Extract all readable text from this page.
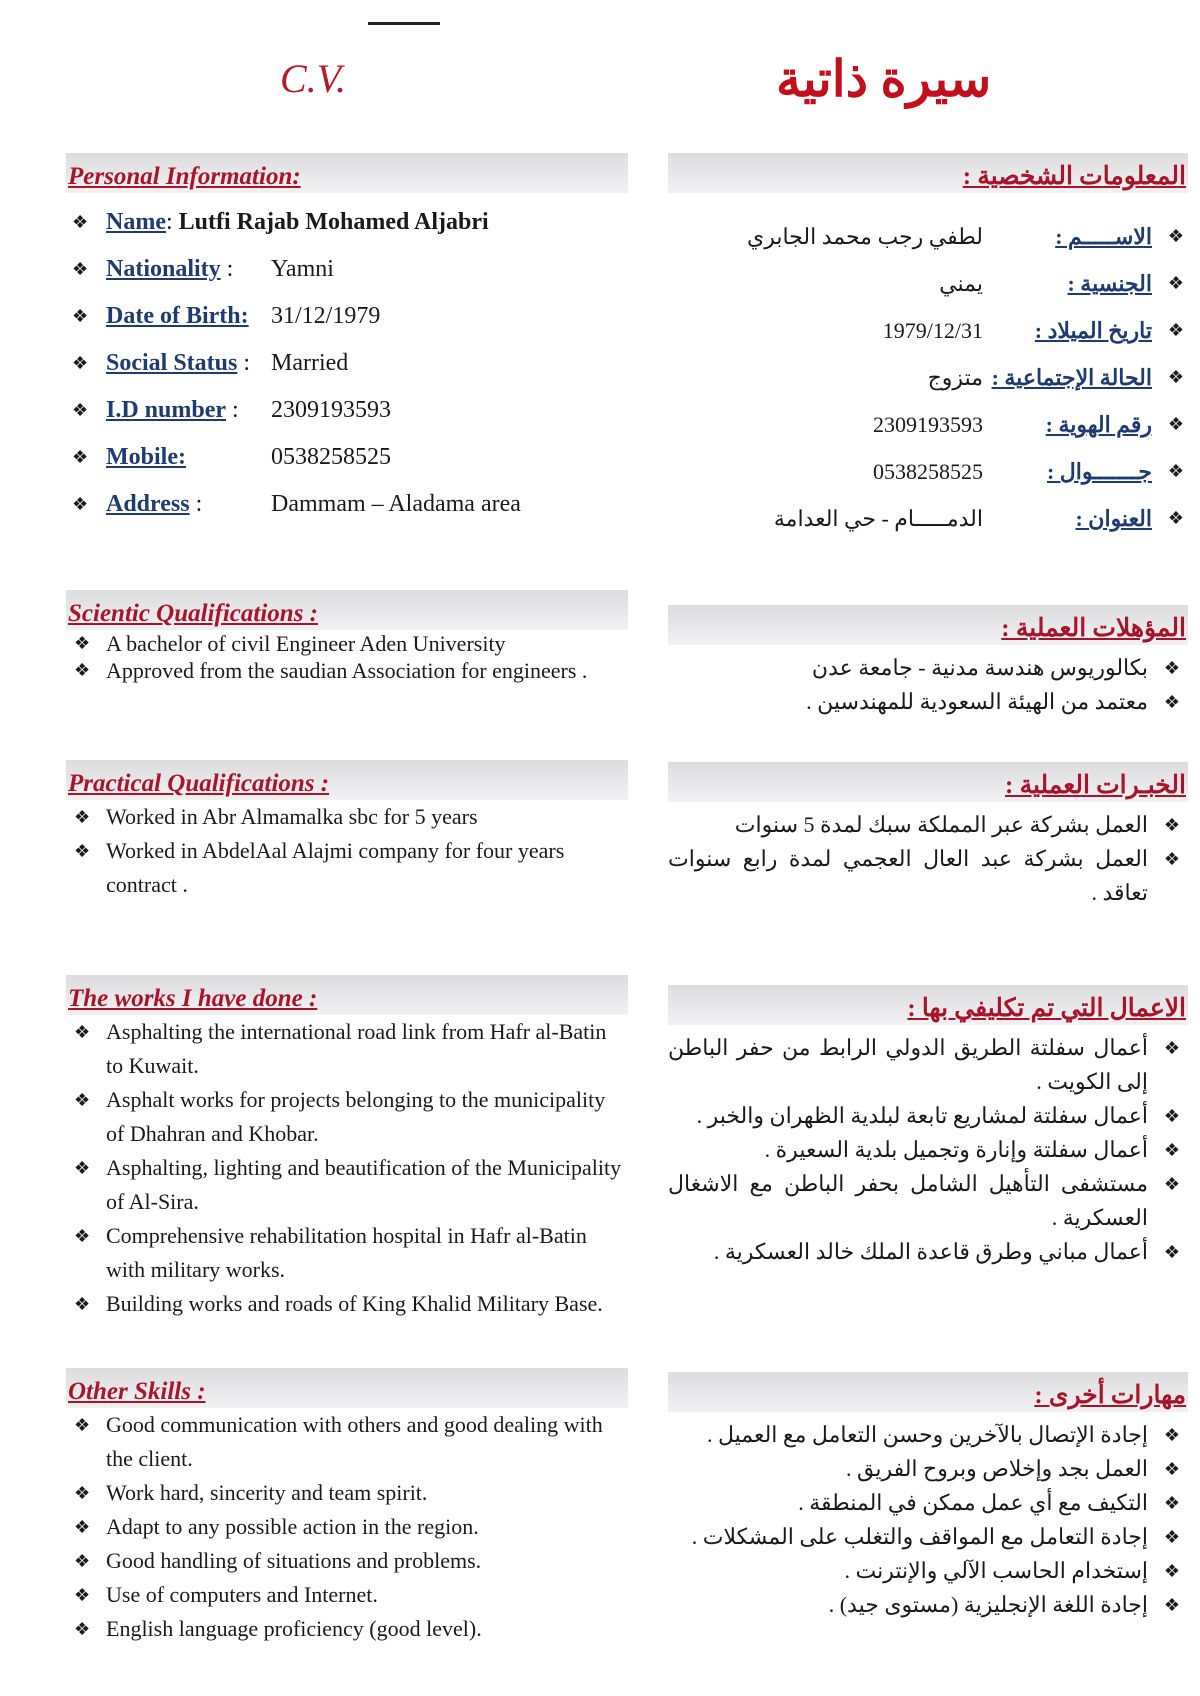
C.V.	سيرة ذاتية
Personal Information:
❖ Name: Lutfi Rajab Mohamed Aljabri
❖ Nationality : Yamni
❖ Date of Birth: 31/12/1979
❖ Social Status : Married
❖ I.D number : 2309193593
❖ Mobile:	0538258525
❖ Address :	Dammam – Aladama area
Scientic Qualifications :
❖ A bachelor of civil Engineer Aden University
❖ Approved from the saudian Association for engineers .
Practical Qualifications :
❖ Worked in Abr Almamalka sbc for 5 years
❖ Worked in AbdelAal Alajmi company for four years contract .
The works I have done :
❖ Asphalting the international road link from Hafr al-Batin to Kuwait.
❖ Asphalt works for projects belonging to the municipality of Dhahran and Khobar.
❖ Asphalting, lighting and beautification of the Municipality of Al-Sira.
❖ Comprehensive rehabilitation hospital in Hafr al-Batin with military works.
❖ Building works and roads of King Khalid Military Base.
Other Skills :
❖ Good communication with others and good dealing with the client.
❖ Work hard, sincerity and team spirit.
❖ Adapt to any possible action in the region.
❖ Good handling of situations and problems.
❖ Use of computers and Internet.
❖ English language proficiency (good level).
المعلومات الشخصية :
❖ الاســـــم :
لطفي رجب محمد الجابري
❖ الجنسية :
يمني
❖ تاريخ الميلاد :
1979/12/31
❖ الحالة الإجتماعية :
متزوج
❖ رقم الهوية :
2309193593
❖ جـــــــوال :
0538258525
❖ العنوان :
الدمـــــام - حي العدامة
المؤهلات العملية :
❖ بكالوريوس هندسة مدنية - جامعة عدن
❖ معتمد من الهيئة السعودية للمهندسين .
الخبـرات العملية :
❖ العمل بشركة عبر المملكة سبك لمدة 5 سنوات
❖ العمل بشركة عبد العال العجمي لمدة رابع سنوات تعاقد .
الاعمال التي تم تكليفي بها :
❖ أعمال سفلتة الطريق الدولي الرابط من حفر الباطن إلى الكويت .
❖ أعمال سفلتة لمشاريع تابعة لبلدية الظهران والخبر .
❖ أعمال سفلتة وإنارة وتجميل بلدية السعيرة .
❖ مستشفى التأهيل الشامل بحفر الباطن مع الاشغال العسكرية .
❖ أعمال مباني وطرق قاعدة الملك خالد العسكرية .
مهارات أخرى :
❖ إجادة الإتصال بالآخرين وحسن التعامل مع العميل .
❖ العمل بجد وإخلاص وبروح الفريق .
❖ التكيف مع أي عمل ممكن في المنطقة .
❖ إجادة التعامل مع المواقف والتغلب على المشكلات .
❖ إستخدام الحاسب الآلي والإنترنت .
❖ إجادة اللغة الإنجليزية (مستوى جيد) .
